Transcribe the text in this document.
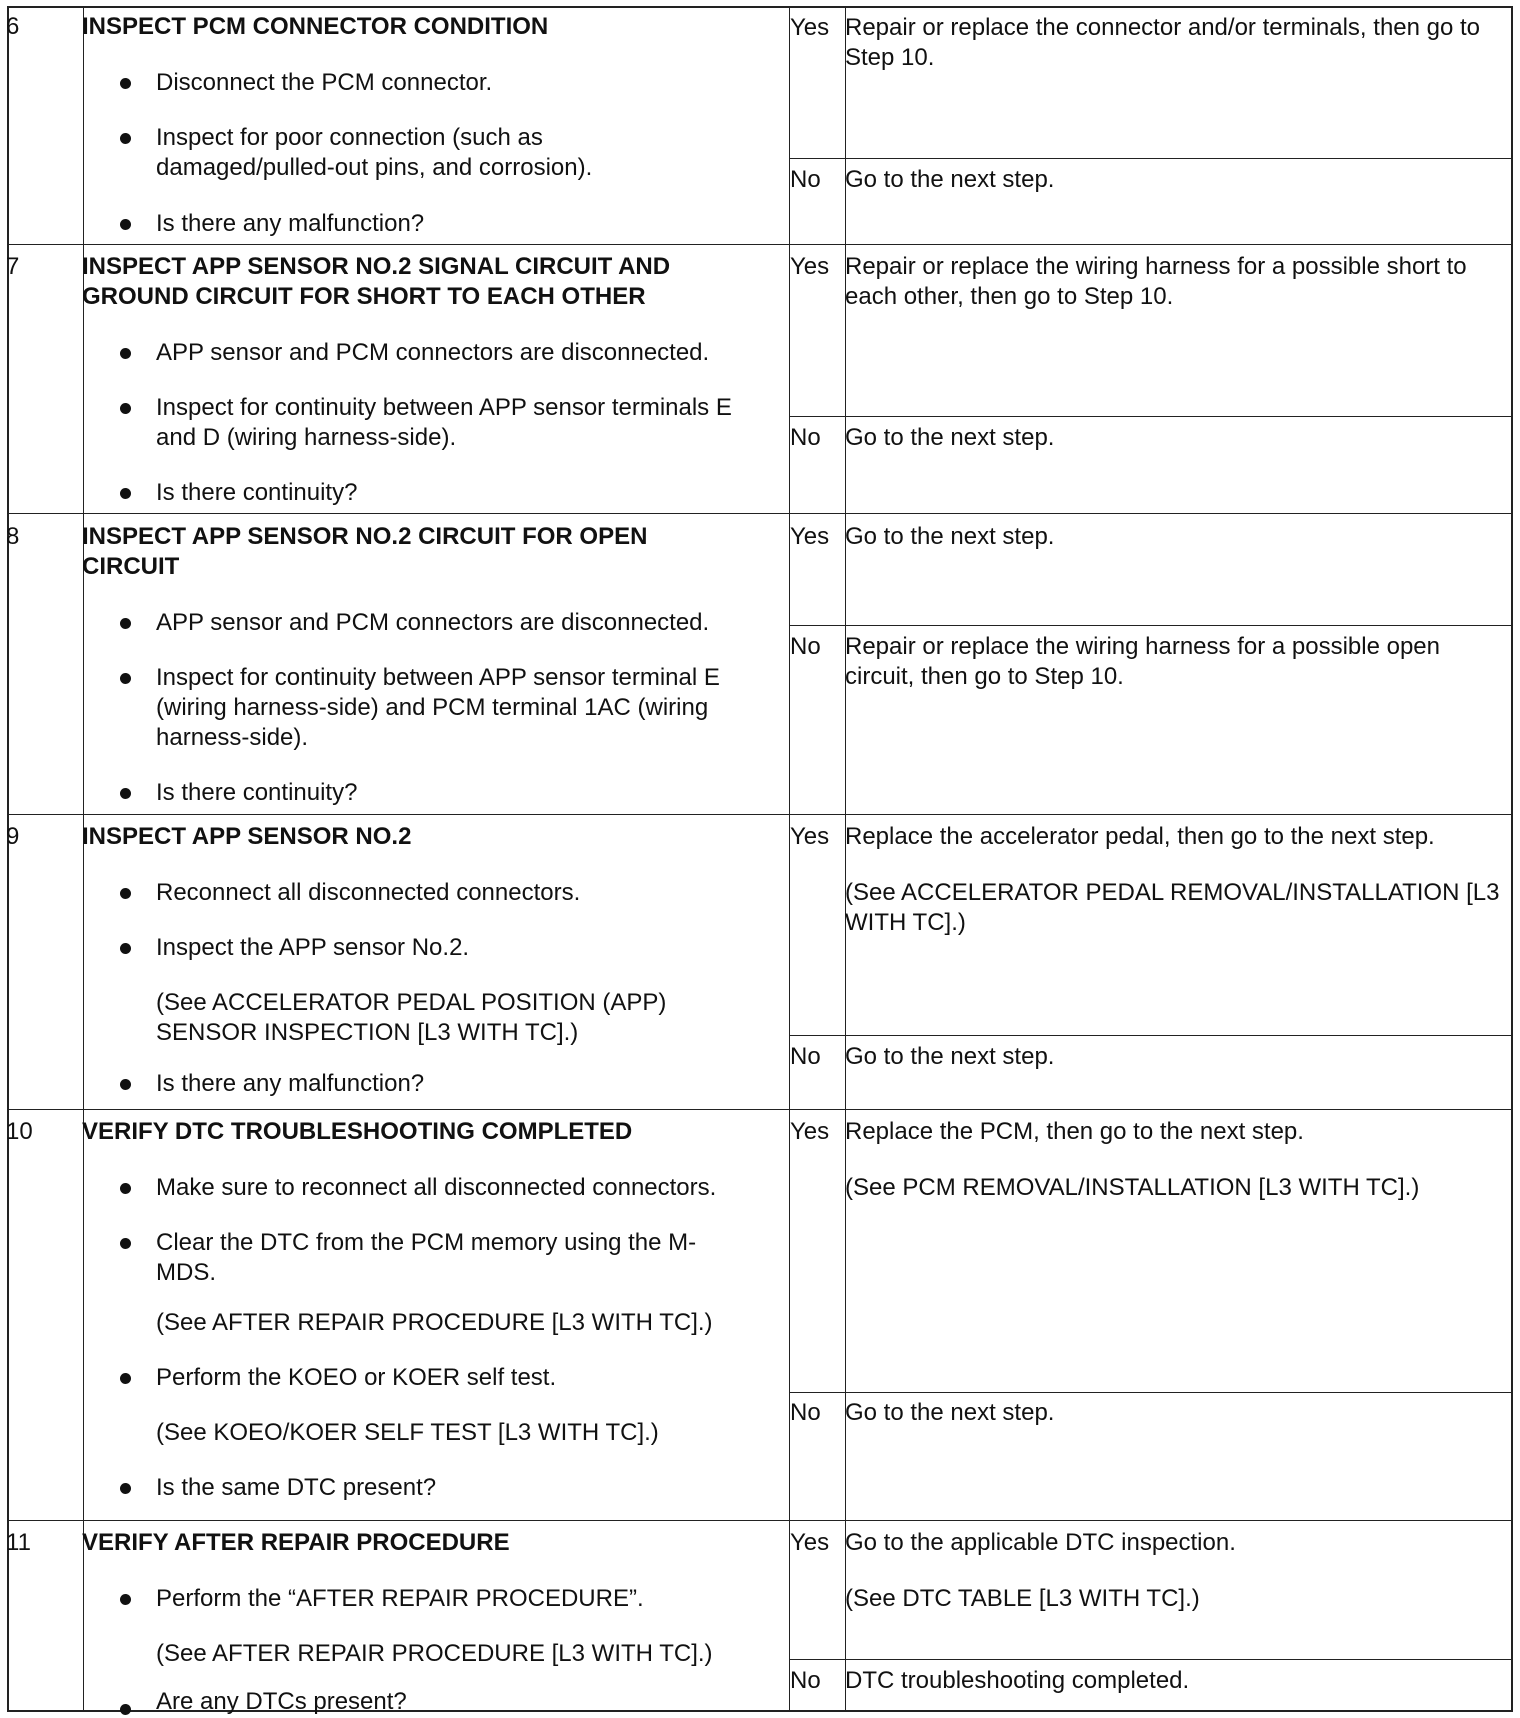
6	INSPECT PCM CONNECTOR CONDITION
Disconnect the PCM connector.
Inspect for poor connection (such as damaged/pulled-out pins, and corrosion).
Is there any malfunction?
Yes Repair or replace the connector and/or terminals, then go to Step 10.
No Go to the next step.
7	INSPECT APP SENSOR NO.2 SIGNAL CIRCUIT AND GROUND CIRCUIT FOR SHORT TO EACH OTHER
APP sensor and PCM connectors are disconnected.
Inspect for continuity between APP sensor terminals E and D (wiring harness-side).
Is there continuity?
Yes Repair or replace the wiring harness for a possible short to each other, then go to Step 10.
No Go to the next step.
8	INSPECT APP SENSOR NO.2 CIRCUIT FOR OPEN CIRCUIT
APP sensor and PCM connectors are disconnected.
Inspect for continuity between APP sensor terminal E (wiring harness-side) and PCM terminal 1AC (wiring harness-side).
Is there continuity?
Yes Go to the next step.
No Repair or replace the wiring harness for a possible open circuit, then go to Step 10.
9	INSPECT APP SENSOR NO.2
Reconnect all disconnected connectors.
Inspect the APP sensor No.2.
(See ACCELERATOR PEDAL POSITION (APP) SENSOR INSPECTION [L3 WITH TC].)
Is there any malfunction?
Yes Replace the accelerator pedal, then go to the next step.
(See ACCELERATOR PEDAL REMOVAL/INSTALLATION [L3 WITH TC].)
No Go to the next step.
10 VERIFY DTC TROUBLESHOOTING COMPLETED
Make sure to reconnect all disconnected connectors.
Clear the DTC from the PCM memory using the M-MDS.
(See AFTER REPAIR PROCEDURE [L3 WITH TC].)
Perform the KOEO or KOER self test.
(See KOEO/KOER SELF TEST [L3 WITH TC].)
Is the same DTC present?
Yes Replace the PCM, then go to the next step.
(See PCM REMOVAL/INSTALLATION [L3 WITH TC].)
No Go to the next step.
11 VERIFY AFTER REPAIR PROCEDURE
Perform the “AFTER REPAIR PROCEDURE”.
(See AFTER REPAIR PROCEDURE [L3 WITH TC].)
Are any DTCs present?
Yes Go to the applicable DTC inspection.
(See DTC TABLE [L3 WITH TC].)
No DTC troubleshooting completed.
